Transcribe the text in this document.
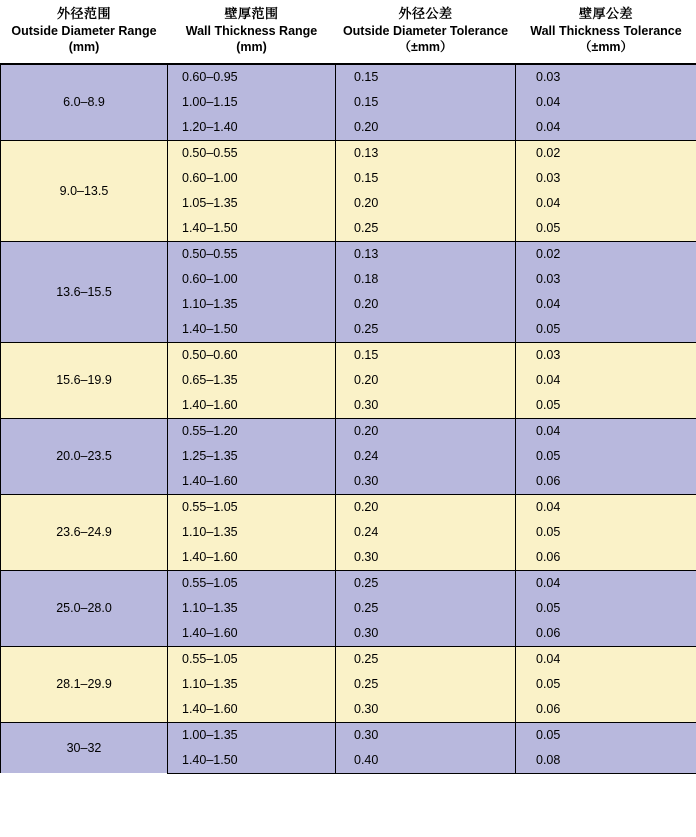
外径范围
Outside Diameter Range
(mm)	壁厚范围
Wall Thickness Range
(mm)	外径公差
Outside Diameter Tolerance
（±mm）	壁厚公差
Wall Thickness Tolerance
（±mm）

6.0–8.9	0.60–0.95	0.15	0.03
	1.00–1.15	0.15	0.04
	1.20–1.40	0.20	0.04
9.0–13.5	0.50–0.55	0.13	0.02
	0.60–1.00	0.15	0.03
	1.05–1.35	0.20	0.04
	1.40–1.50	0.25	0.05
13.6–15.5	0.50–0.55	0.13	0.02
	0.60–1.00	0.18	0.03
	1.10–1.35	0.20	0.04
	1.40–1.50	0.25	0.05
15.6–19.9	0.50–0.60	0.15	0.03
	0.65–1.35	0.20	0.04
	1.40–1.60	0.30	0.05
20.0–23.5	0.55–1.20	0.20	0.04
	1.25–1.35	0.24	0.05
	1.40–1.60	0.30	0.06
23.6–24.9	0.55–1.05	0.20	0.04
	1.10–1.35	0.24	0.05
	1.40–1.60	0.30	0.06
25.0–28.0	0.55–1.05	0.25	0.04
	1.10–1.35	0.25	0.05
	1.40–1.60	0.30	0.06
28.1–29.9	0.55–1.05	0.25	0.04
	1.10–1.35	0.25	0.05
	1.40–1.60	0.30	0.06
30–32	1.00–1.35	0.30	0.05
	1.40–1.50	0.40	0.08
